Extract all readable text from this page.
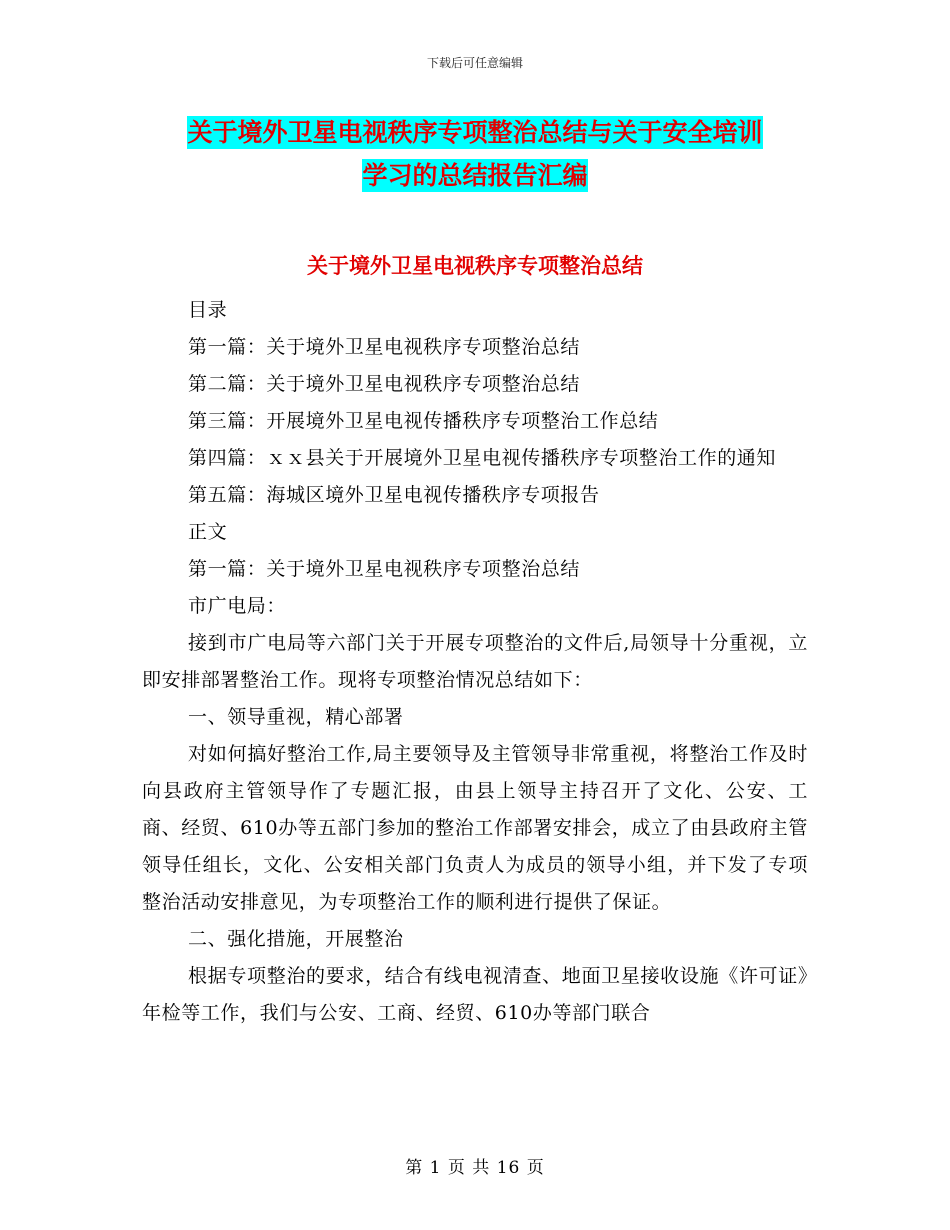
下载后可任意编辑
关于境外卫星电视秩序专项整治总结与关于安全培训
学习的总结报告汇编
关于境外卫星电视秩序专项整治总结

目录

第一篇：关于境外卫星电视秩序专项整治总结

第二篇：关于境外卫星电视秩序专项整治总结

第三篇：开展境外卫星电视传播秩序专项整治工作总结

第四篇：ｘｘ县关于开展境外卫星电视传播秩序专项整治工作的通知

第五篇：海城区境外卫星电视传播秩序专项报告

正文

第一篇：关于境外卫星电视秩序专项整治总结

市广电局：

接到市广电局等六部门关于开展专项整治的文件后,局领导十分重视，立即安排部署整治工作。现将专项整治情况总结如下：

一、领导重视，精心部署

对如何搞好整治工作,局主要领导及主管领导非常重视，将整治工作及时向县政府主管领导作了专题汇报，由县上领导主持召开了文化、公安、工商、经贸、610办等五部门参加的整治工作部署安排会，成立了由县政府主管领导任组长，文化、公安相关部门负责人为成员的领导小组，并下发了专项整治活动安排意见，为专项整治工作的顺利进行提供了保证。

二、强化措施，开展整治

根据专项整治的要求，结合有线电视清查、地面卫星接收设施《许可证》年检等工作，我们与公安、工商、经贸、610办等部门联合

第 1 页 共 16 页
